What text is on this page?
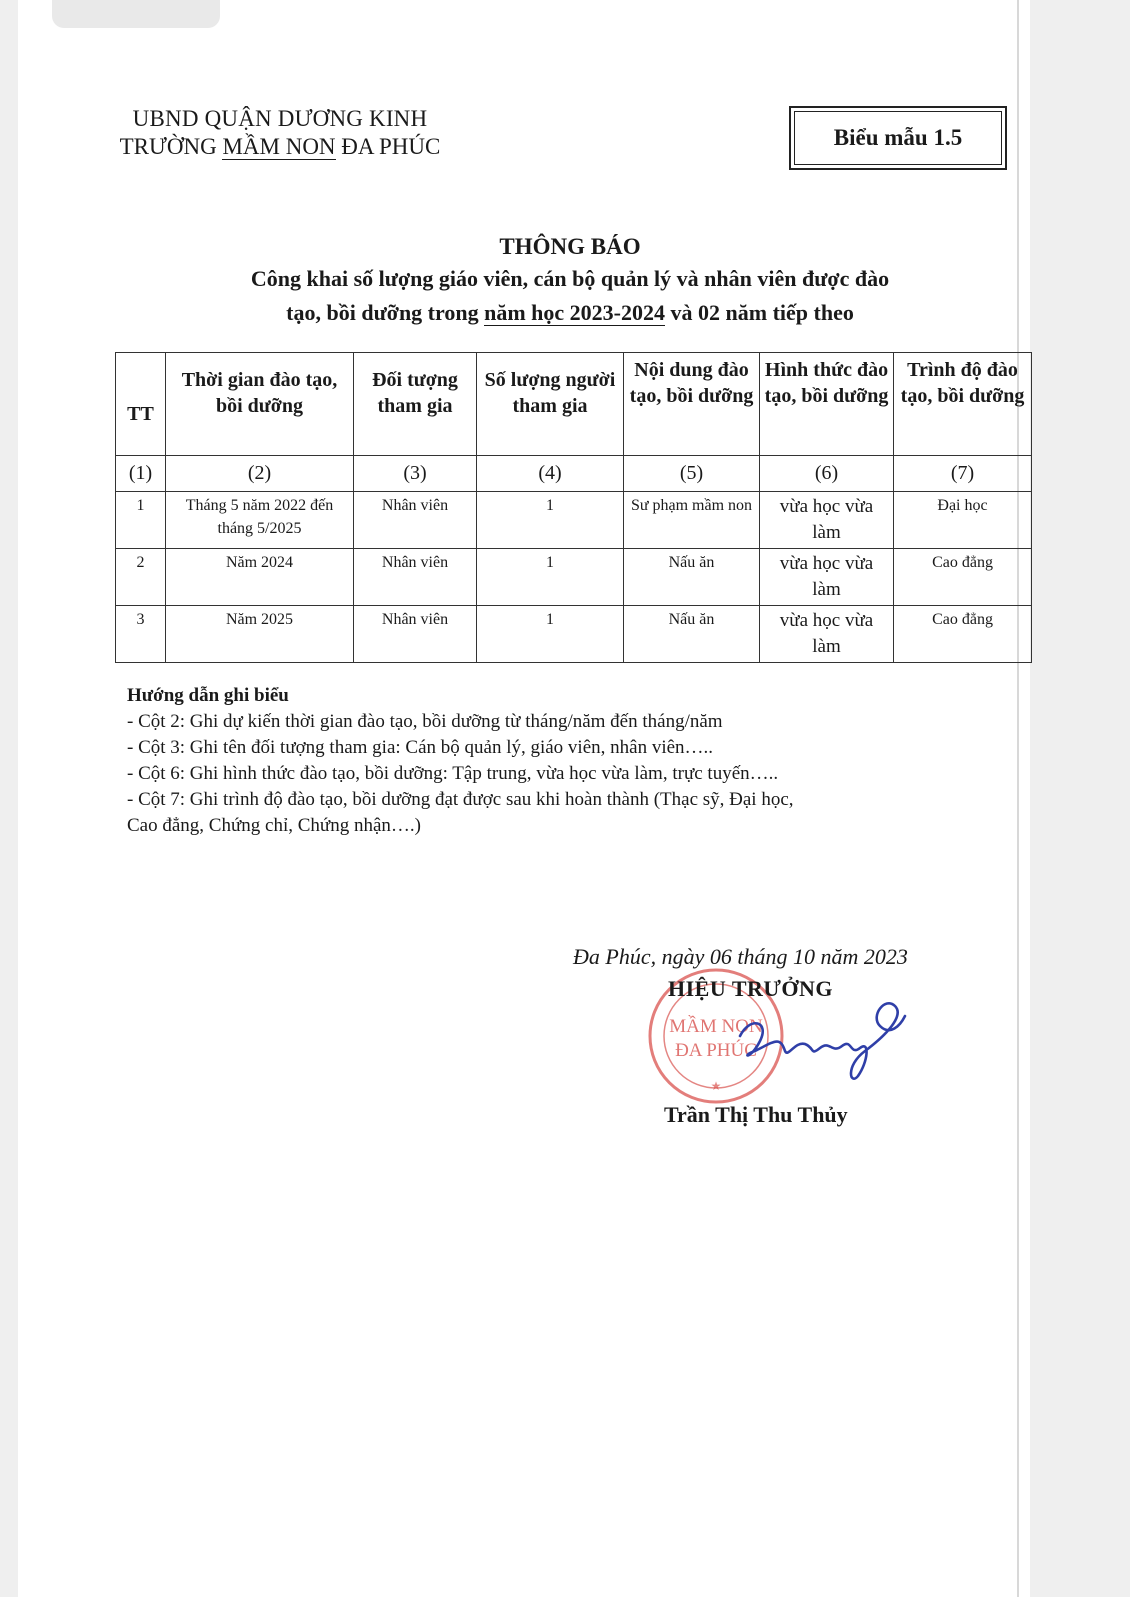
UBND QUẬN DƯƠNG KINH
TRƯỜNG MẦM NON ĐA PHÚC	Biểu mẫu 1.5
THÔNG BÁO
Công khai số lượng giáo viên, cán bộ quản lý và nhân viên được đào
tạo, bồi dưỡng trong năm học 2023-2024 và 02 năm tiếp theo
TT	Thời gian đào tạo, bồi dưỡng	Đối tượng tham gia	Số lượng người tham gia	Nội dung đào tạo, bồi dưỡng	Hình thức đào tạo, bồi dưỡng	Trình độ đào tạo, bồi dưỡng
(1)	(2)	(3)	(4)	(5)	(6)	(7)
1	Tháng 5 năm 2022 đến tháng 5/2025	Nhân viên	1	Sư phạm mầm non	vừa học vừa làm	Đại học
2	Năm 2024	Nhân viên	1	Nấu ăn	vừa học vừa làm	Cao đẳng
3	Năm 2025	Nhân viên	1	Nấu ăn	vừa học vừa làm	Cao đẳng
Hướng dẫn ghi biểu
- Cột 2: Ghi dự kiến thời gian đào tạo, bồi dưỡng từ tháng/năm đến tháng/năm
- Cột 3: Ghi tên đối tượng tham gia: Cán bộ quản lý, giáo viên, nhân viên…..
- Cột 6: Ghi hình thức đào tạo, bồi dưỡng: Tập trung, vừa học vừa làm, trực tuyến…..
- Cột 7: Ghi trình độ đào tạo, bồi dưỡng đạt được sau khi hoàn thành (Thạc sỹ, Đại học,
Cao đẳng, Chứng chỉ, Chứng nhận….)
MẦM NON
ĐA PHÚC
★
Đa Phúc, ngày 06 tháng 10 năm 2023
HIỆU TRƯỞNG
Trần Thị Thu Thủy
